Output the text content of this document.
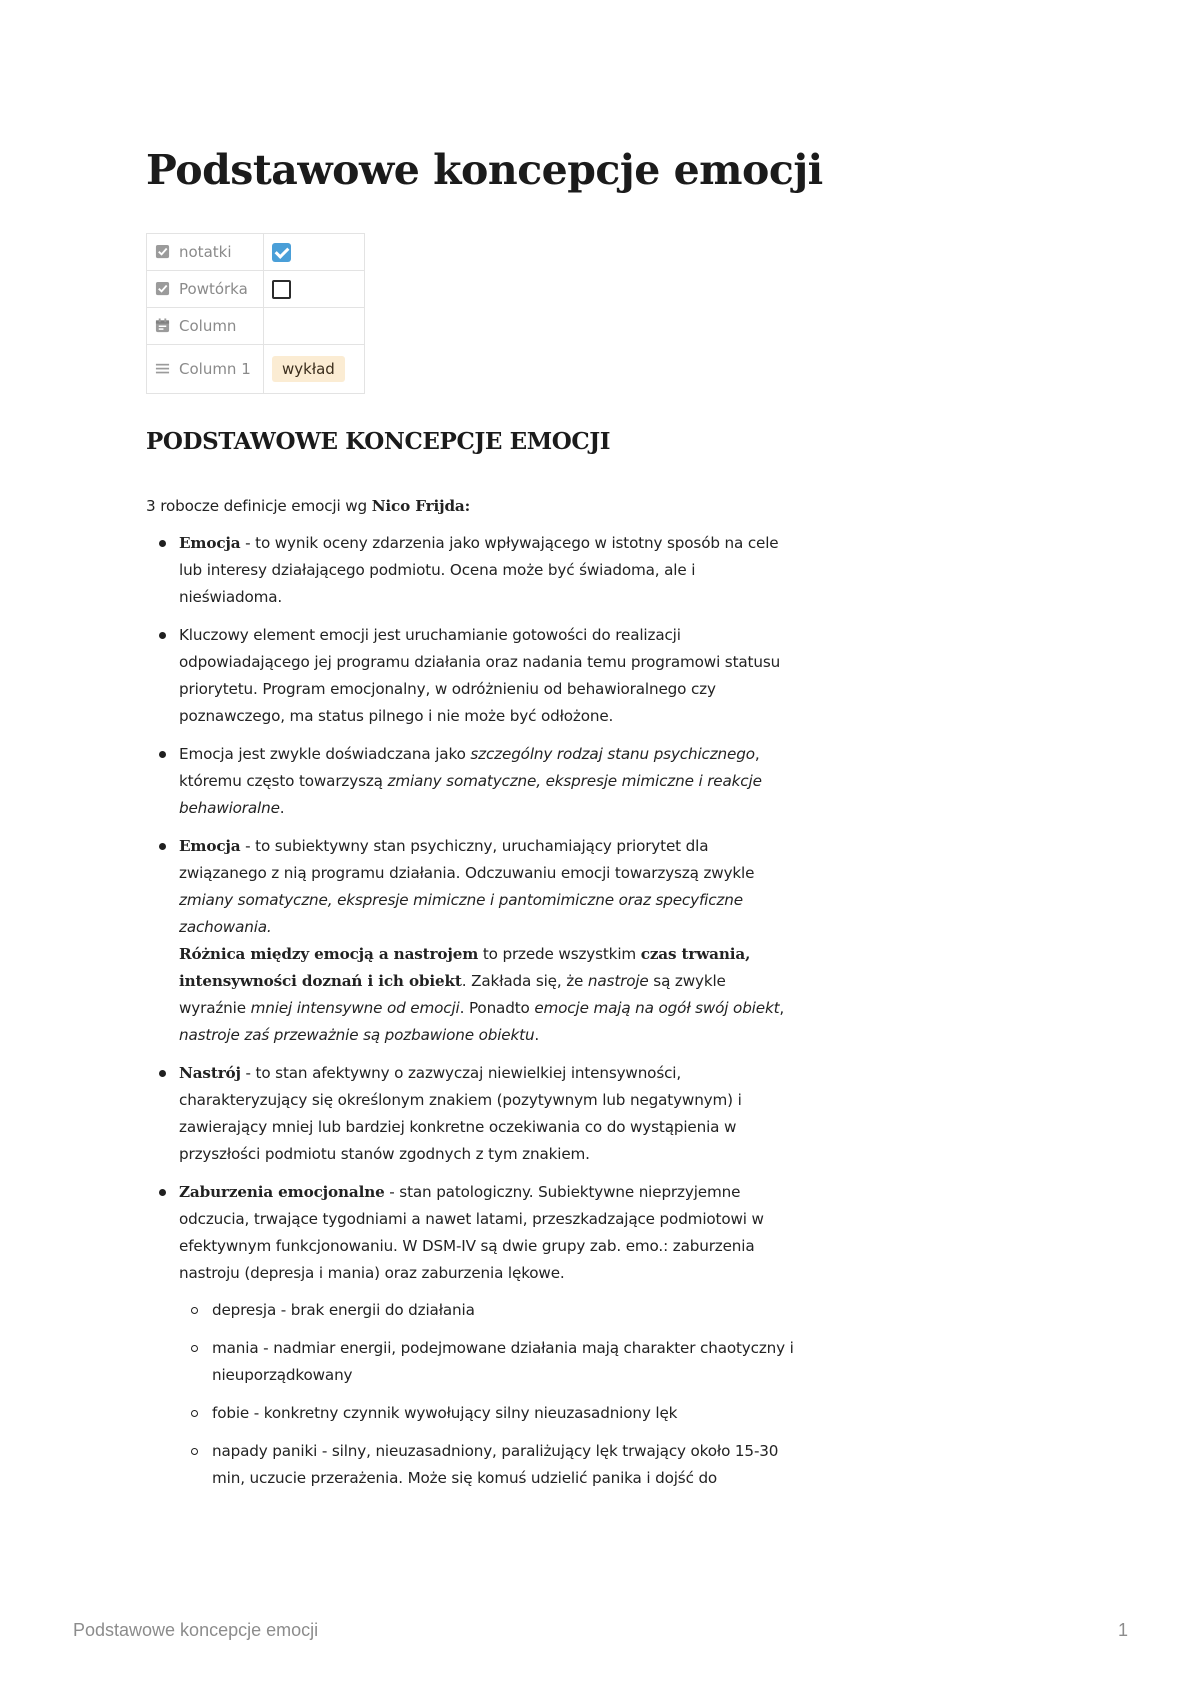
Podstawowe koncepcje emocji
notatki	
Powtórka	
Column	
Column 1	wykład
PODSTAWOWE KONCEPCJE EMOCJI

3 robocze definicje emocji wg Nico Frijda:

Emocja - to wynik oceny zdarzenia jako wpływającego w istotny sposób na cele lub interesy działającego podmiotu. Ocena może być świadoma, ale i nieświadoma.
Kluczowy element emocji jest uruchamianie gotowości do realizacji odpowiadającego jej programu działania oraz nadania temu programowi statusu priorytetu. Program emocjonalny, w odróżnieniu od behawioralnego czy poznawczego, ma status pilnego i nie może być odłożone.
Emocja jest zwykle doświadczana jako szczególny rodzaj stanu psychicznego, któremu często towarzyszą zmiany somatyczne, ekspresje mimiczne i reakcje behawioralne.
Emocja - to subiektywny stan psychiczny, uruchamiający priorytet dla związanego z nią programu działania. Odczuwaniu emocji towarzyszą zwykle zmiany somatyczne, ekspresje mimiczne i pantomimiczne oraz specyficzne zachowania.
Różnica między emocją a nastrojem to przede wszystkim czas trwania, intensywności doznań i ich obiekt. Zakłada się, że nastroje są zwykle wyraźnie mniej intensywne od emocji. Ponadto emocje mają na ogół swój obiekt, nastroje zaś przeważnie są pozbawione obiektu.
Nastrój - to stan afektywny o zazwyczaj niewielkiej intensywności, charakteryzujący się określonym znakiem (pozytywnym lub negatywnym) i zawierający mniej lub bardziej konkretne oczekiwania co do wystąpienia w przyszłości podmiotu stanów zgodnych z tym znakiem.
Zaburzenia emocjonalne - stan patologiczny. Subiektywne nieprzyjemne odczucia, trwające tygodniami a nawet latami, przeszkadzające podmiotowi w efektywnym funkcjonowaniu. W DSM-IV są dwie grupy zab. emo.: zaburzenia nastroju (depresja i mania) oraz zaburzenia lękowe.
depresja - brak energii do działania
mania - nadmiar energii, podejmowane działania mają charakter chaotyczny i nieuporządkowany
fobie - konkretny czynnik wywołujący silny nieuzasadniony lęk
napady paniki - silny, nieuzasadniony, paraliżujący lęk trwający około 15-30 min, uczucie przerażenia. Może się komuś udzielić panika i dojść do
Podstawowe koncepcje emocji	1
